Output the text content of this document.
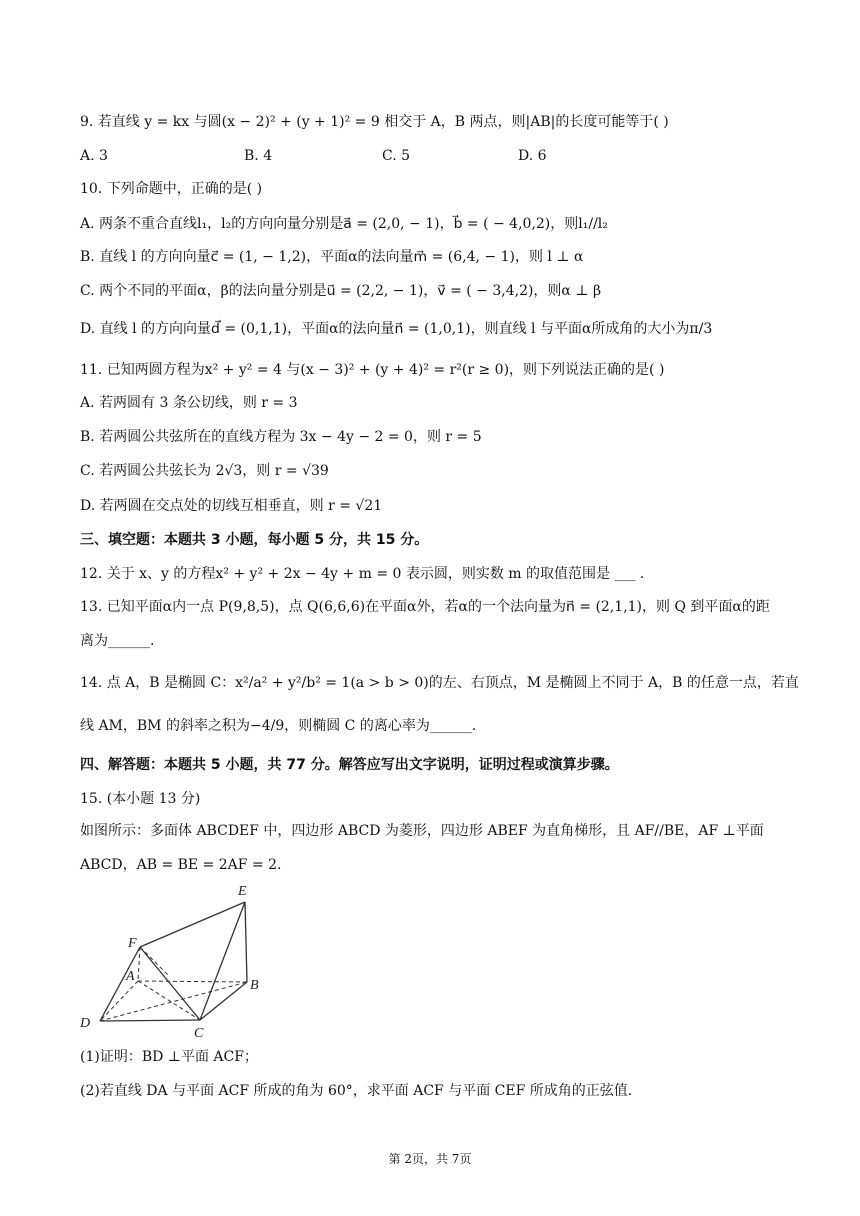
9. 若直线 y = kx 与圆(x − 2)² + (y + 1)² = 9 相交于 A，B 两点，则|AB|的长度可能等于( )
A. 3	B. 4	C. 5	D. 6
10. 下列命题中，正确的是( )
A. 两条不重合直线l₁，l₂的方向向量分别是a⃗ = (2,0, − 1)，b⃗ = ( − 4,0,2)，则l₁//l₂
B. 直线 l 的方向向量c⃗ = (1, − 1,2)，平面α的法向量m⃗ = (6,4, − 1)，则 l ⊥ α
C. 两个不同的平面α，β的法向量分别是u⃗ = (2,2, − 1)，v⃗ = ( − 3,4,2)，则α ⊥ β
D. 直线 l 的方向向量d⃗ = (0,1,1)，平面α的法向量n⃗ = (1,0,1)，则直线 l 与平面α所成角的大小为π/3
11. 已知两圆方程为x² + y² = 4 与(x − 3)² + (y + 4)² = r²(r ≥ 0)，则下列说法正确的是( )
A. 若两圆有 3 条公切线，则 r = 3
B. 若两圆公共弦所在的直线方程为 3x − 4y − 2 = 0，则 r = 5
C. 若两圆公共弦长为 2√3，则 r = √39
D. 若两圆在交点处的切线互相垂直，则 r = √21
三、填空题：本题共 3 小题，每小题 5 分，共 15 分。
12. 关于 x、y 的方程x² + y² + 2x − 4y + m = 0 表示圆，则实数 m 的取值范围是 ___ .
13. 已知平面α内一点 P(9,8,5)，点 Q(6,6,6)在平面α外，若α的一个法向量为n⃗ = (2,1,1)，则 Q 到平面α的距
离为______.
14. 点 A，B 是椭圆 C：x²/a² + y²/b² = 1(a > b > 0)的左、右顶点，M 是椭圆上不同于 A，B 的任意一点，若直
线 AM，BM 的斜率之积为−4/9，则椭圆 C 的离心率为______.
四、解答题：本题共 5 小题，共 77 分。解答应写出文字说明，证明过程或演算步骤。
15. (本小题 13 分)
如图所示：多面体 ABCDEF 中，四边形 ABCD 为菱形，四边形 ABEF 为直角梯形，且 AF//BE，AF ⊥平面
ABCD，AB = BE = 2AF = 2.
E
F
A
B
D
C
(1)证明：BD ⊥平面 ACF；
(2)若直线 DA 与平面 ACF 所成的角为 60°，求平面 ACF 与平面 CEF 所成角的正弦值.
第 2页，共 7页
